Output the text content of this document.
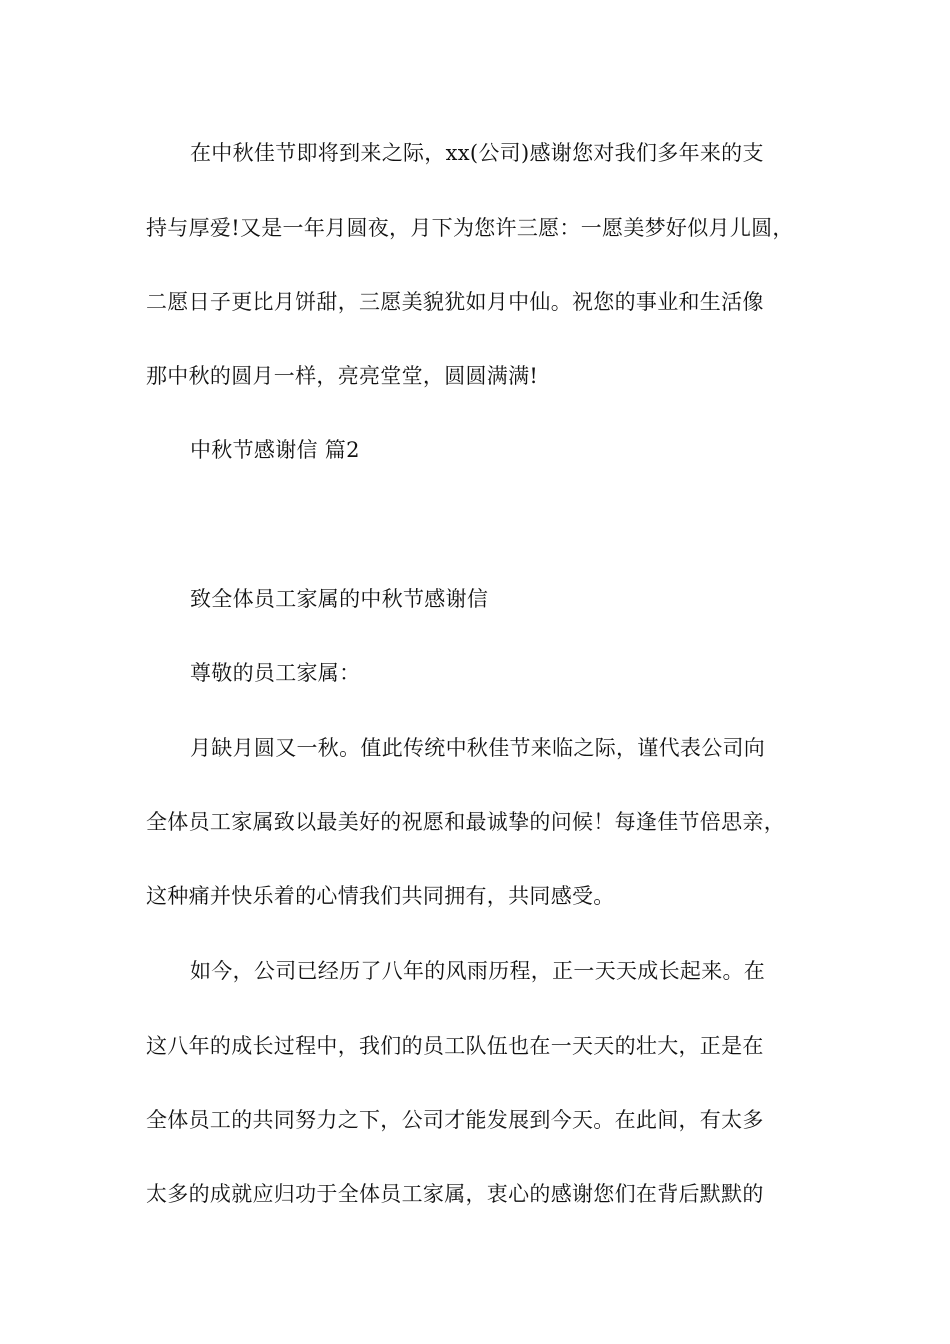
在中秋佳节即将到来之际，xx(公司)感谢您对我们多年来的支
持与厚爱!又是一年月圆夜，月下为您许三愿：一愿美梦好似月儿圆，
二愿日子更比月饼甜，三愿美貌犹如月中仙。祝您的事业和生活像
那中秋的圆月一样，亮亮堂堂，圆圆满满!
中秋节感谢信 篇2
致全体员工家属的中秋节感谢信
尊敬的员工家属：
月缺月圆又一秋。值此传统中秋佳节来临之际，谨代表公司向
全体员工家属致以最美好的祝愿和最诚挚的问候！每逢佳节倍思亲，
这种痛并快乐着的心情我们共同拥有，共同感受。
如今，公司已经历了八年的风雨历程，正一天天成长起来。在
这八年的成长过程中，我们的员工队伍也在一天天的壮大，正是在
全体员工的共同努力之下，公司才能发展到今天。在此间，有太多
太多的成就应归功于全体员工家属，衷心的感谢您们在背后默默的
